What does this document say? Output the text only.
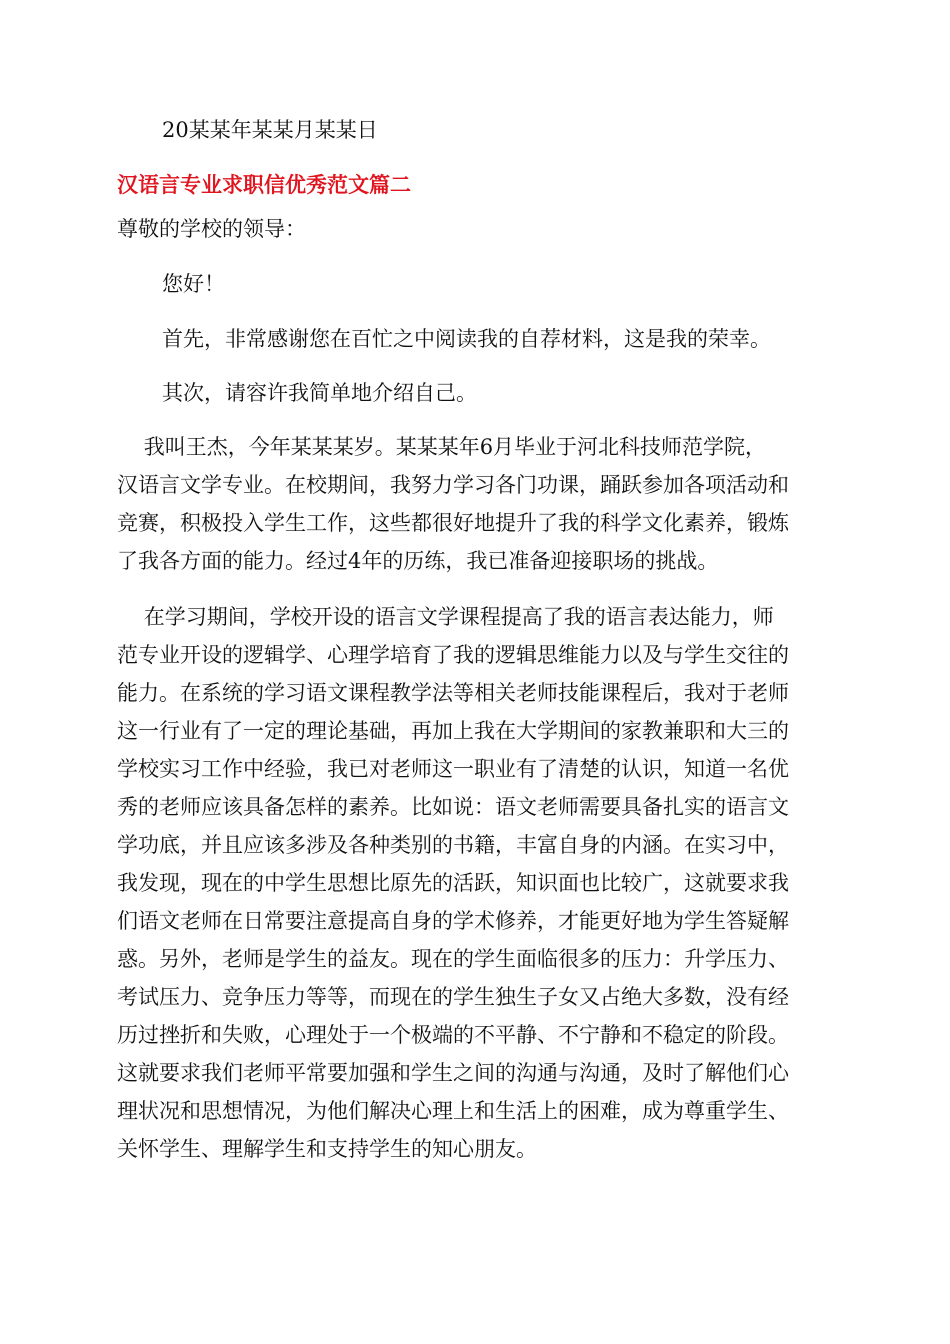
20某某年某某月某某日

汉语言专业求职信优秀范文篇二

尊敬的学校的领导：

您好！

首先，非常感谢您在百忙之中阅读我的自荐材料，这是我的荣幸。

其次，请容许我简单地介绍自己。

我叫王杰，今年某某某岁。某某某年6月毕业于河北科技师范学院，
汉语言文学专业。在校期间，我努力学习各门功课，踊跃参加各项活动和
竞赛，积极投入学生工作，这些都很好地提升了我的科学文化素养，锻炼
了我各方面的能力。经过4年的历练，我已准备迎接职场的挑战。
在学习期间，学校开设的语言文学课程提高了我的语言表达能力，师
范专业开设的逻辑学、心理学培育了我的逻辑思维能力以及与学生交往的
能力。在系统的学习语文课程教学法等相关老师技能课程后，我对于老师
这一行业有了一定的理论基础，再加上我在大学期间的家教兼职和大三的
学校实习工作中经验，我已对老师这一职业有了清楚的认识，知道一名优
秀的老师应该具备怎样的素养。比如说：语文老师需要具备扎实的语言文
学功底，并且应该多涉及各种类别的书籍，丰富自身的内涵。在实习中，
我发现，现在的中学生思想比原先的活跃，知识面也比较广，这就要求我
们语文老师在日常要注意提高自身的学术修养，才能更好地为学生答疑解
惑。另外，老师是学生的益友。现在的学生面临很多的压力：升学压力、
考试压力、竞争压力等等，而现在的学生独生子女又占绝大多数，没有经
历过挫折和失败，心理处于一个极端的不平静、不宁静和不稳定的阶段。
这就要求我们老师平常要加强和学生之间的沟通与沟通，及时了解他们心
理状况和思想情况，为他们解决心理上和生活上的困难，成为尊重学生、
关怀学生、理解学生和支持学生的知心朋友。
